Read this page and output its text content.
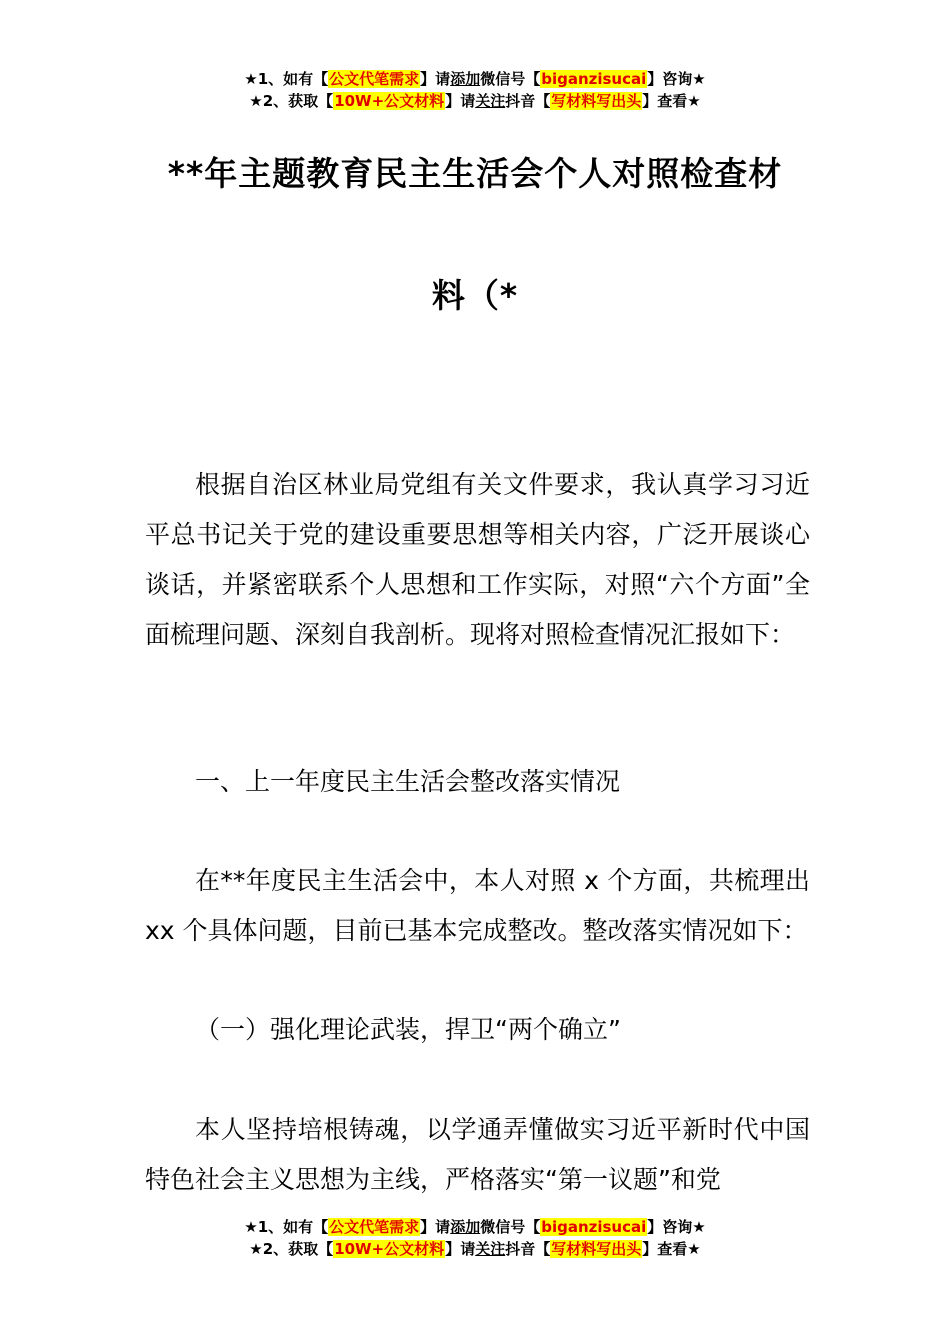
★1、如有【公文代笔需求】请添加微信号【biganzisucai】咨询★
★2、获取【10W+公文材料】请关注抖音【写材料写出头】查看★
**年主题教育民主生活会个人对照检查材
料（*

根据自治区林业局党组有关文件要求，我认真学习习近平总书记关于党的建设重要思想等相关内容，广泛开展谈心谈话，并紧密联系个人思想和工作实际，对照“六个方面”全面梳理问题、深刻自我剖析。现将对照检查情况汇报如下：

一、上一年度民主生活会整改落实情况

在**年度民主生活会中，本人对照 x 个方面，共梳理出 xx 个具体问题，目前已基本完成整改。整改落实情况如下：

（一）强化理论武装，捍卫“两个确立”

本人坚持培根铸魂，以学通弄懂做实习近平新时代中国特色社会主义思想为主线，严格落实“第一议题”和党

★1、如有【公文代笔需求】请添加微信号【biganzisucai】咨询★
★2、获取【10W+公文材料】请关注抖音【写材料写出头】查看★
